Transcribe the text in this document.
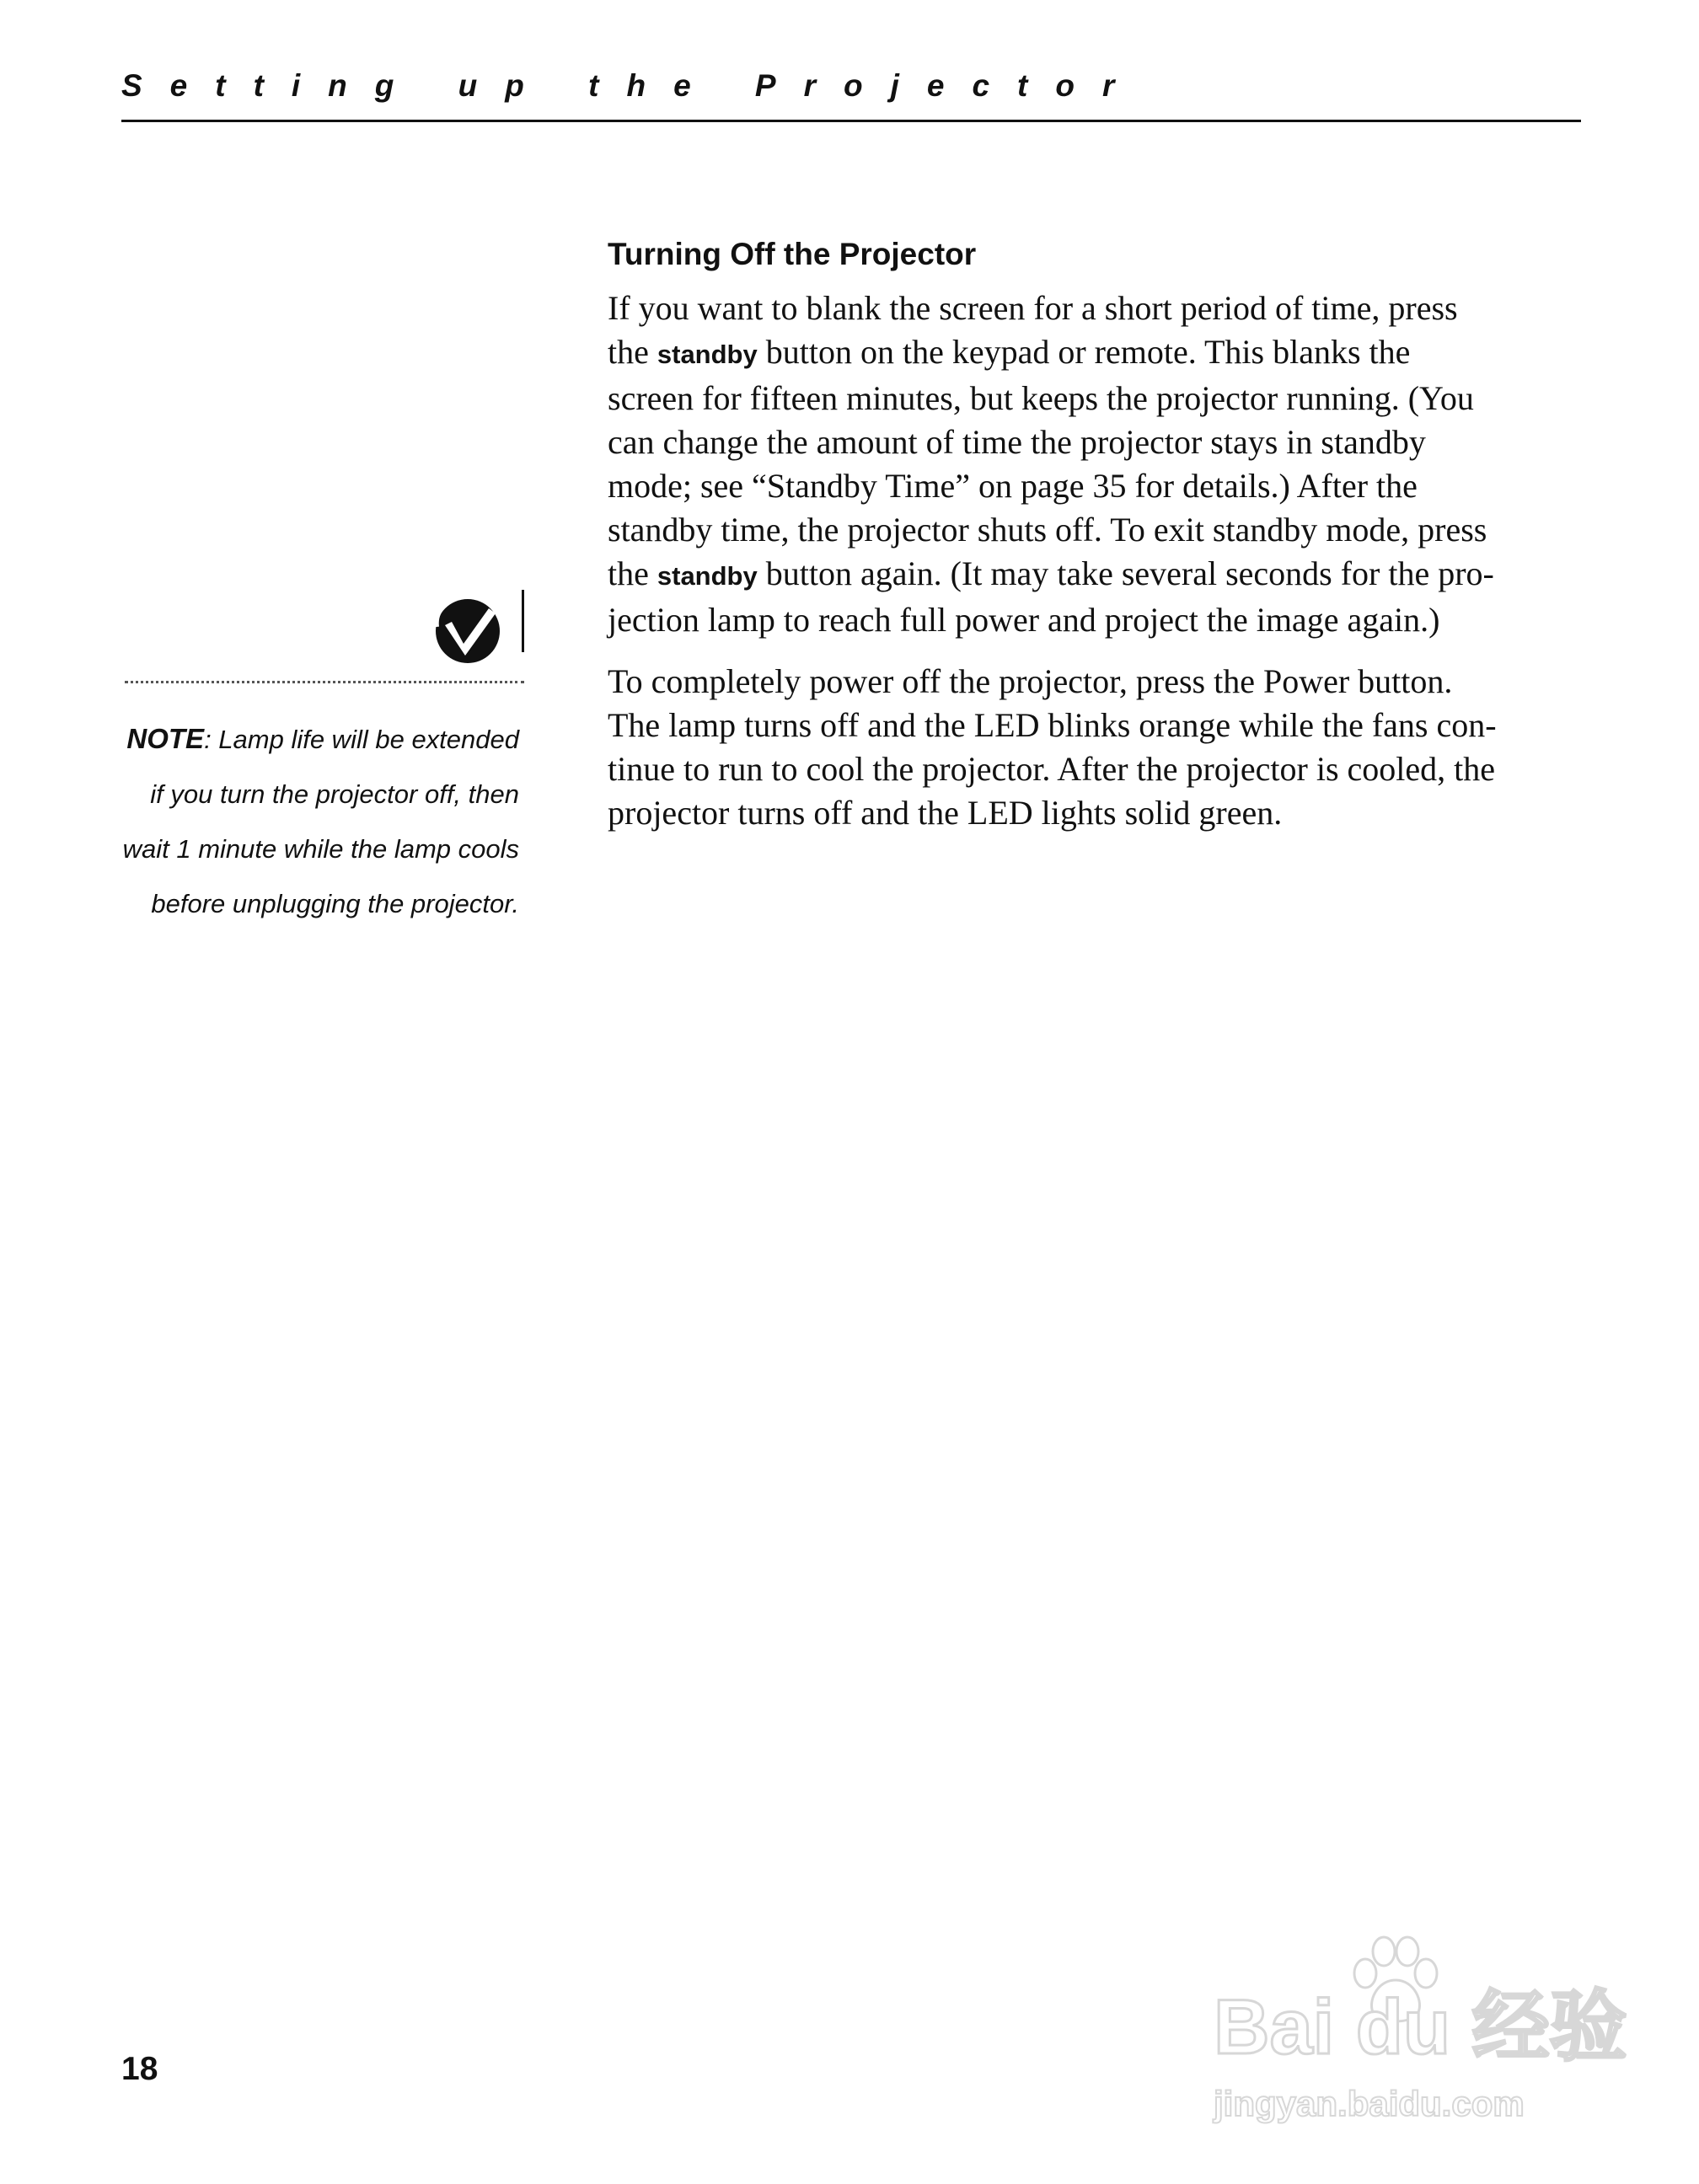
Setting up the Projector
Turning Off the Projector

If you want to blank the screen for a short period of time, press
the standby button on the keypad or remote. This blanks the
screen for fifteen minutes, but keeps the projector running. (You
can change the amount of time the projector stays in standby
mode; see “Standby Time” on page 35 for details.) After the
standby time, the projector shuts off. To exit standby mode, press
the standby button again. (It may take several seconds for the pro-
jection lamp to reach full power and project the image again.)

To completely power off the projector, press the Power button.
The lamp turns off and the LED blinks orange while the fans con-
tinue to run to cool the projector. After the projector is cooled, the
projector turns off and the LED lights solid green.

NOTE: Lamp life will be extended
if you turn the projector off, then
wait 1 minute while the lamp cools
before unplugging the projector.
18	Bai du 经验
jingyan.baidu.com
